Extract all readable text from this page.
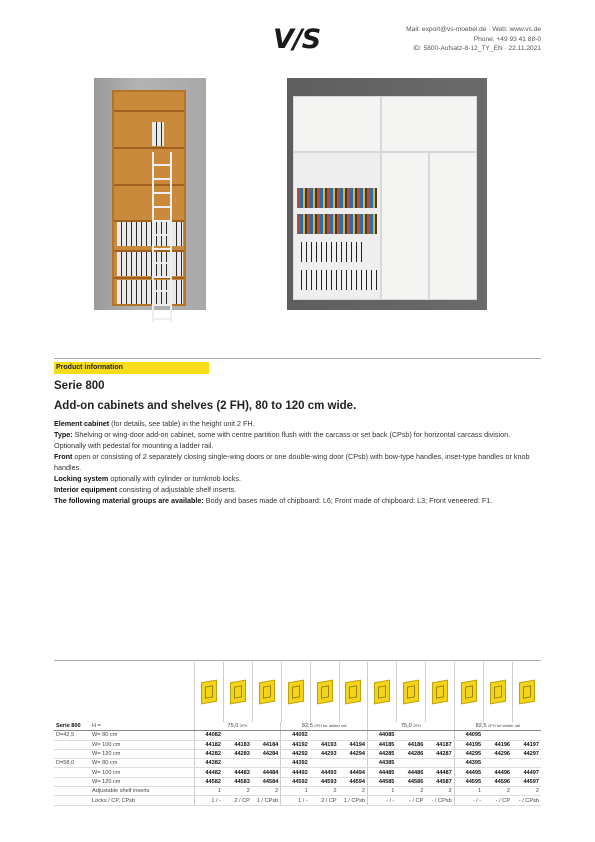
V/S	Mail: export@vs-moebel.de · Web: www.vs.de
Phone: +49 93 41 88-0
ID: 5800-Aufsatz-8-12_TY_EN · 22.11.2021
Product information
Serie 800
Add-on cabinets and shelves (2 FH), 80 to 120 cm wide.

Element cabinet (for details, see table) in the height unit 2 FH.

Type: Shelving or wing-door add-on cabinet, some with centre partition flush with the carcass or set back (CPsb) for horizontal carcass division. Optionally with pedestal for mounting a ladder rail.

Front open or consisting of 2 separately closing single-wing doors or one double-wing door (CPsb) with bow-type handles, inset-type handles or knob handles.

Locking system optionally with cylinder or turnknob locks.

Interior equipment consisting of adjustable shelf inserts.

The following material groups are available: Body and bases made of chipboard: L6; Front made of chipboard: L3; Front veneered: F1.

Serie 800	H =	75,0 2FH			82,5 2FH for ladder rail			75,0 2FH			82,5 2FH for ladder rail		
D=42,5	W= 80 cm	44082			44092			44085			44095		
	W= 100 cm	44182	44183	44184	44192	44193	44194	44185	44186	44187	44195	44196	44197
	W= 120 cm	44282	44283	44284	44292	44293	44294	44285	44286	44287	44295	44296	44297
D=58,0	W= 80 cm	44382			44392			44385			44395		
	W= 100 cm	44482	44483	44484	44492	44493	44494	44485	44486	44487	44495	44496	44497
	W= 120 cm	44582	44583	44584	44592	44593	44594	44585	44586	44587	44595	44596	44597
	Adjustable shelf inserts	1	2	2	1	2	2	1	2	2	1	2	2
	Locks / CP, CPsb	1 / -	2 / CP	1 / CPsb	1 / -	2 / CP	1 / CPsb	- / -	- / CP	- / CPsb	- / -	- / CP	- / CPsb
